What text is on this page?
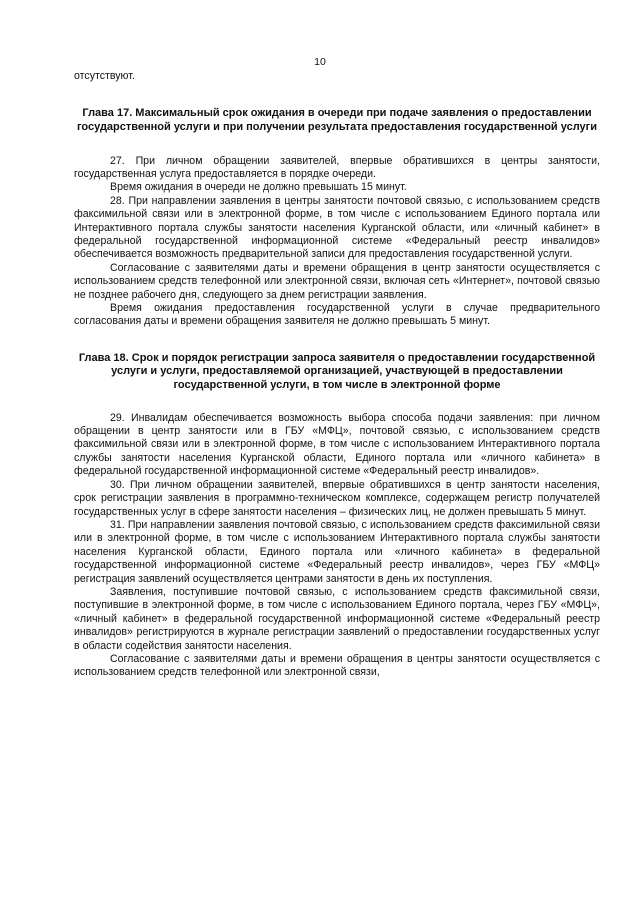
10

отсутствуют.

Глава 17. Максимальный срок ожидания в очереди при подаче заявления о предоставлении государственной услуги и при получении результата предоставления государственной услуги

27. При личном обращении заявителей, впервые обратившихся в центры занятости, государственная услуга предоставляется в порядке очереди.

Время ожидания в очереди не должно превышать 15 минут.

28. При направлении заявления в центры занятости почтовой связью, с использованием средств факсимильной связи или в электронной форме, в том числе с использованием Единого портала или Интерактивного портала службы занятости населения Курганской области, или «личный кабинет» в федеральной государственной информационной системе «Федеральный реестр инвалидов» обеспечивается возможность предварительной записи для предоставления государственной услуги.

Согласование с заявителями даты и времени обращения в центр занятости осуществляется с использованием средств телефонной или электронной связи, включая сеть «Интернет», почтовой связью не позднее рабочего дня, следующего за днем регистрации заявления.

Время ожидания предоставления государственной услуги в случае предварительного согласования даты и времени обращения заявителя не должно превышать 5 минут.

Глава 18. Срок и порядок регистрации запроса заявителя о предоставлении государственной услуги и услуги, предоставляемой организацией, участвующей в предоставлении государственной услуги, в том числе в электронной форме

29. Инвалидам обеспечивается возможность выбора способа подачи заявления: при личном обращении в центр занятости или в ГБУ «МФЦ», почтовой связью, с использованием средств факсимильной связи или в электронной форме, в том числе с использованием Интерактивного портала службы занятости населения Курганской области, Единого портала или «личного кабинета» в федеральной государственной информационной системе «Федеральный реестр инвалидов».

30. При личном обращении заявителей, впервые обратившихся в центр занятости населения, срок регистрации заявления в программно-техническом комплексе, содержащем регистр получателей государственных услуг в сфере занятости населения – физических лиц, не должен превышать 5 минут.

31. При направлении заявления почтовой связью, с использованием средств факсимильной связи или в электронной форме, в том числе с использованием Интерактивного портала службы занятости населения Курганской области, Единого портала или «личного кабинета» в федеральной государственной информационной системе «Федеральный реестр инвалидов», через ГБУ «МФЦ» регистрация заявлений осуществляется центрами занятости в день их поступления.

Заявления, поступившие почтовой связью, с использованием средств факсимильной связи, поступившие в электронной форме, в том числе с использованием Единого портала, через ГБУ «МФЦ», «личный кабинет» в федеральной государственной информационной системе «Федеральный реестр инвалидов» регистрируются в журнале регистрации заявлений о предоставлении государственных услуг в области содействия занятости населения.

Согласование с заявителями даты и времени обращения в центры занятости осуществляется с использованием средств телефонной или электронной связи,
